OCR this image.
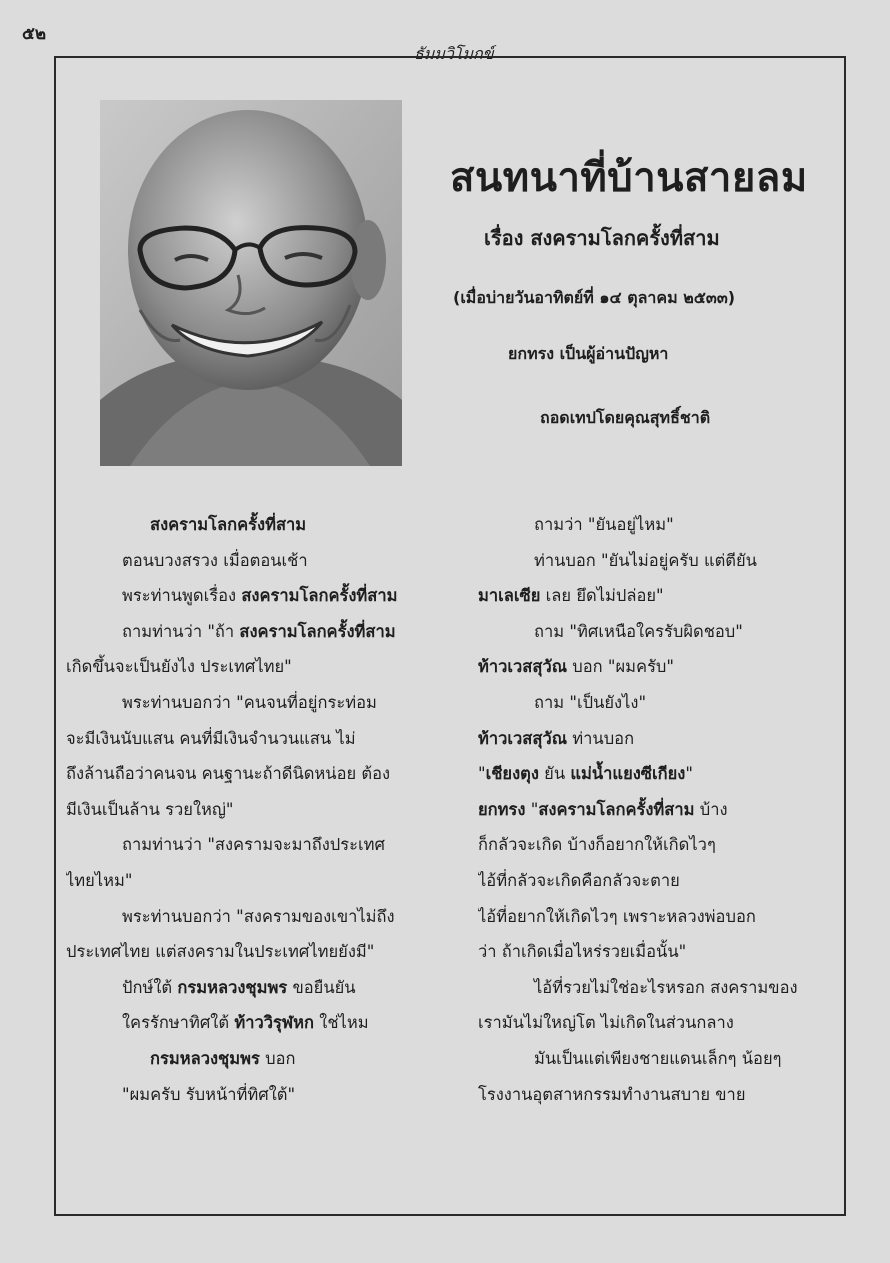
๕๒
ธัมมวิโมกข์
สนทนาที่บ้านสายลม
เรื่อง สงครามโลกครั้งที่สาม
(เมื่อบ่ายวันอาทิตย์ที่ ๑๔ ตุลาคม ๒๕๓๓)
ยกทรง เป็นผู้อ่านปัญหา
ถอดเทปโดยคุณสุทธิ์ชาติ
สงครามโลกครั้งที่สาม
ตอนบวงสรวง เมื่อตอนเช้า
พระท่านพูดเรื่อง สงครามโลกครั้งที่สาม
ถามท่านว่า "ถ้า สงครามโลกครั้งที่สาม
เกิดขึ้นจะเป็นยังไง ประเทศไทย"
พระท่านบอกว่า "คนจนที่อยู่กระท่อม
จะมีเงินนับแสน คนที่มีเงินจำนวนแสน ไม่
ถึงล้านถือว่าคนจน คนฐานะถ้าดีนิดหน่อย ต้อง
มีเงินเป็นล้าน รวยใหญ่"
ถามท่านว่า "สงครามจะมาถึงประเทศ
ไทยไหม"
พระท่านบอกว่า "สงครามของเขาไม่ถึง
ประเทศไทย แต่สงครามในประเทศไทยยังมี"
ปักษ์ใต้ กรมหลวงชุมพร ขอยืนยัน
ใครรักษาทิศใต้ ท้าววิรุฬหก ใช่ไหม
กรมหลวงชุมพร บอก
"ผมครับ รับหน้าที่ทิศใต้"
ถามว่า "ยันอยู่ไหม"
ท่านบอก "ยันไม่อยู่ครับ แต่ตียัน
มาเลเซีย เลย ยึดไม่ปล่อย"
ถาม "ทิศเหนือใครรับผิดชอบ"
ท้าวเวสสุวัณ บอก "ผมครับ"
ถาม "เป็นยังไง"
ท้าวเวสสุวัณ ท่านบอก
"เชียงตุง ยัน แม่น้ำแยงซีเกียง"
ยกทรง "สงครามโลกครั้งที่สาม บ้าง
ก็กลัวจะเกิด บ้างก็อยากให้เกิดไวๆ
ไอ้ที่กลัวจะเกิดคือกลัวจะตาย
ไอ้ที่อยากให้เกิดไวๆ เพราะหลวงพ่อบอก
ว่า ถ้าเกิดเมื่อไหร่รวยเมื่อนั้น"
ไอ้ที่รวยไม่ใช่อะไรหรอก สงครามของ
เรามันไม่ใหญ่โต ไม่เกิดในส่วนกลาง
มันเป็นแต่เพียงชายแดนเล็กๆ น้อยๆ
โรงงานอุตสาหกรรมทำงานสบาย ขาย
